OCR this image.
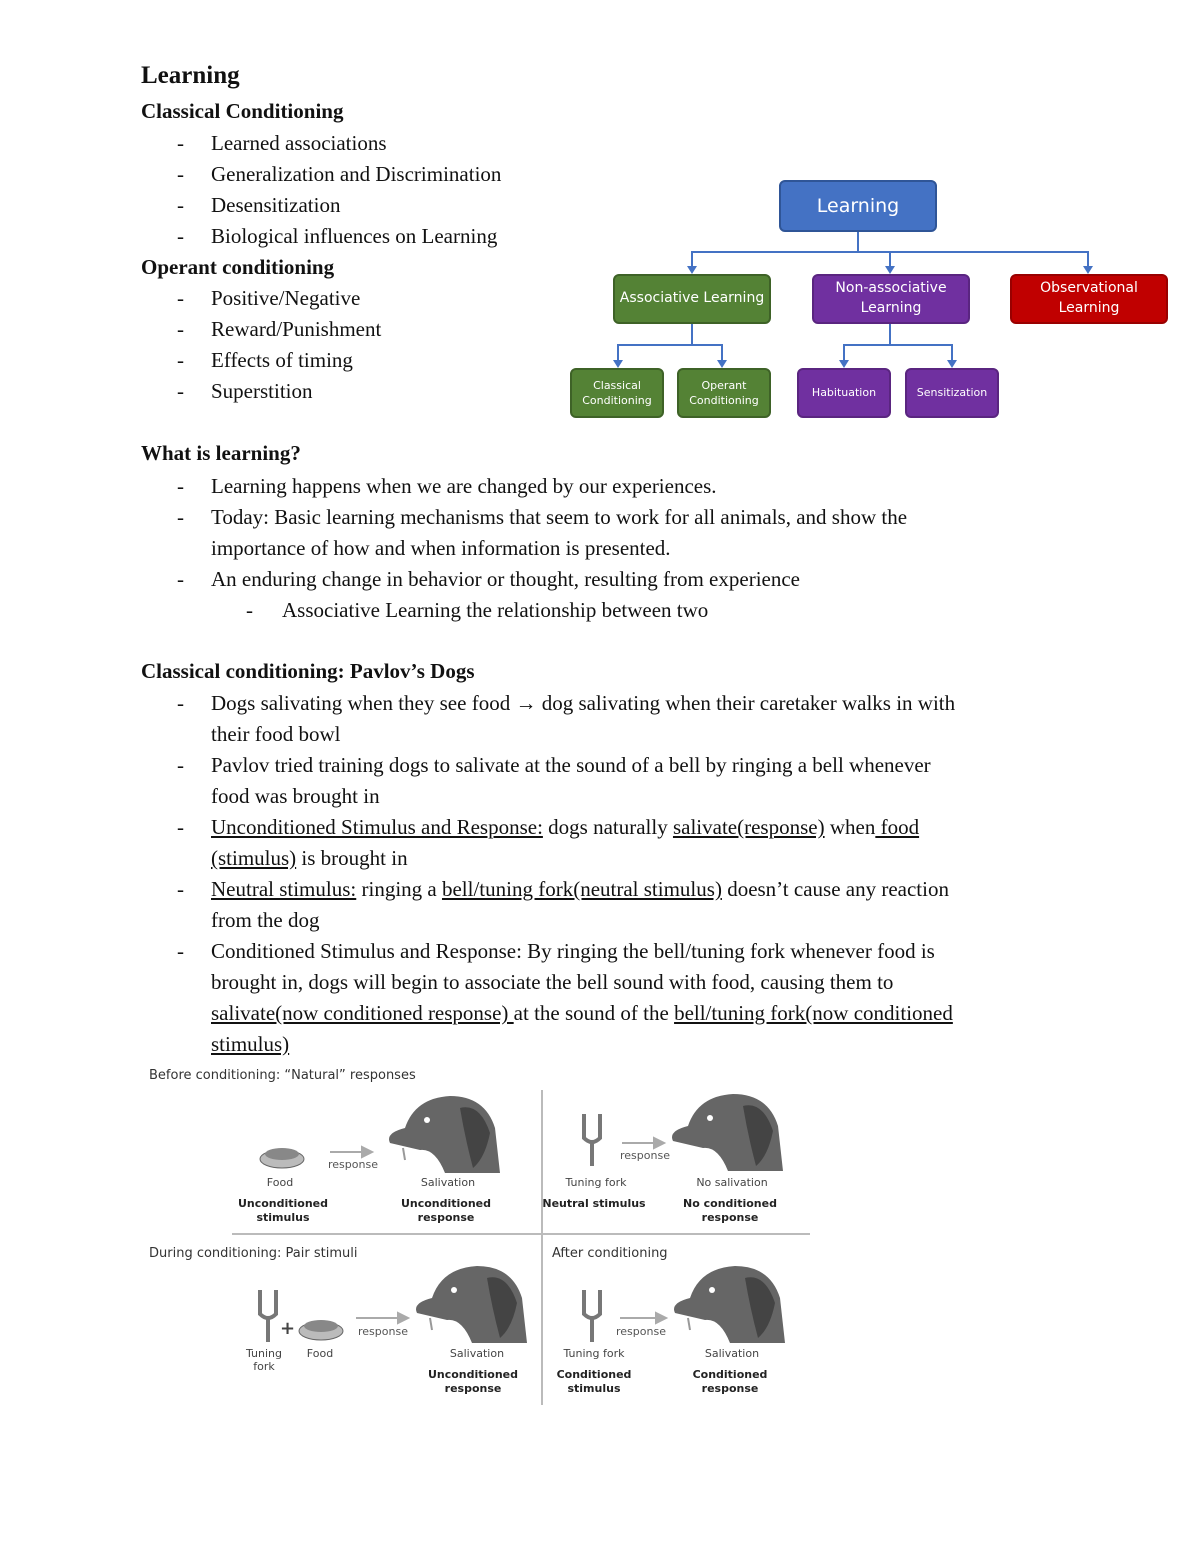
Learning
Classical Conditioning
- Learned associations
- Generalization and Discrimination
- Desensitization
- Biological influences on Learning
Operant conditioning
- Positive/Negative
- Reward/Punishment
- Effects of timing
- Superstition
Learning
Associative Learning
Non-associative Learning
Observational Learning
Classical Conditioning
Operant Conditioning
Habituation	Sensitization
What is learning?
- Learning happens when we are changed by our experiences.
- Today: Basic learning mechanisms that seem to work for all animals, and show the
importance of how and when information is presented.
- An enduring change in behavior or thought, resulting from experience
- Associative Learning the relationship between two
Classical conditioning: Pavlov’s Dogs
- Dogs salivating when they see food → dog salivating when their caretaker walks in with
their food bowl
- Pavlov tried training dogs to salivate at the sound of a bell by ringing a bell whenever
food was brought in
- Unconditioned Stimulus and Response: dogs naturally salivate(response) when food
(stimulus) is brought in
- Neutral stimulus: ringing a bell/tuning fork(neutral stimulus) doesn’t cause any reaction
from the dog
- Conditioned Stimulus and Response: By ringing the bell/tuning fork whenever food is
brought in, dogs will begin to associate the bell sound with food, causing them to
salivate(now conditioned response) at the sound of the bell/tuning fork(now conditioned
stimulus)
Before conditioning: “Natural” responses
During conditioning: Pair stimuli	After conditioning
response
Food	Salivation
Unconditioned stimulus
Unconditioned response
response
Tuning fork	No salivation
Neutral stimulus	No conditioned response
+	response
Tuning
fork
Food	Salivation
Unconditioned response
response
Tuning fork	Salivation
Conditioned stimulus
Conditioned response
